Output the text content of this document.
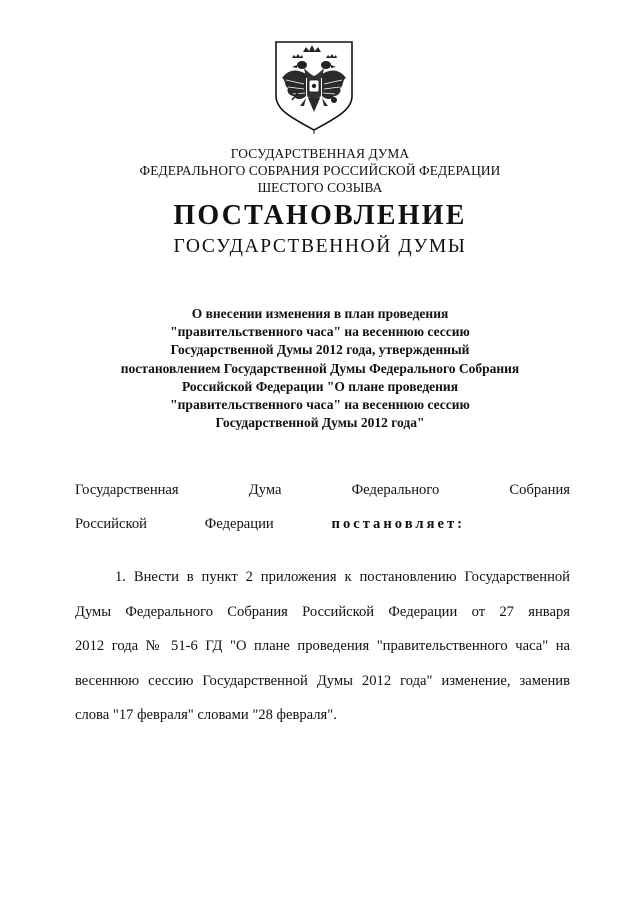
ГОСУДАРСТВЕННАЯ ДУМА
ФЕДЕРАЛЬНОГО СОБРАНИЯ РОССИЙСКОЙ ФЕДЕРАЦИИ
ШЕСТОГО СОЗЫВА
ПОСТАНОВЛЕНИЕ
ГОСУДАРСТВЕННОЙ ДУМЫ
О внесении изменения в план проведения
"правительственного часа" на весеннюю сессию
Государственной Думы 2012 года, утвержденный
постановлением Государственной Думы Федерального Собрания
Российской Федерации "О плане проведения
"правительственного часа" на весеннюю сессию
Государственной Думы 2012 года"
Государственная	Дума	Федерального	Собрания
Российской	Федерации	постановляет:
1. Внести в пункт 2 приложения к постановлению Государственной
Думы Федерального Собрания Российской Федерации от 27 января
2012 года № 51-6 ГД "О плане проведения "правительственного часа" на
весеннюю сессию Государственной Думы 2012 года" изменение, заменив
слова "17 февраля" словами "28 февраля".
